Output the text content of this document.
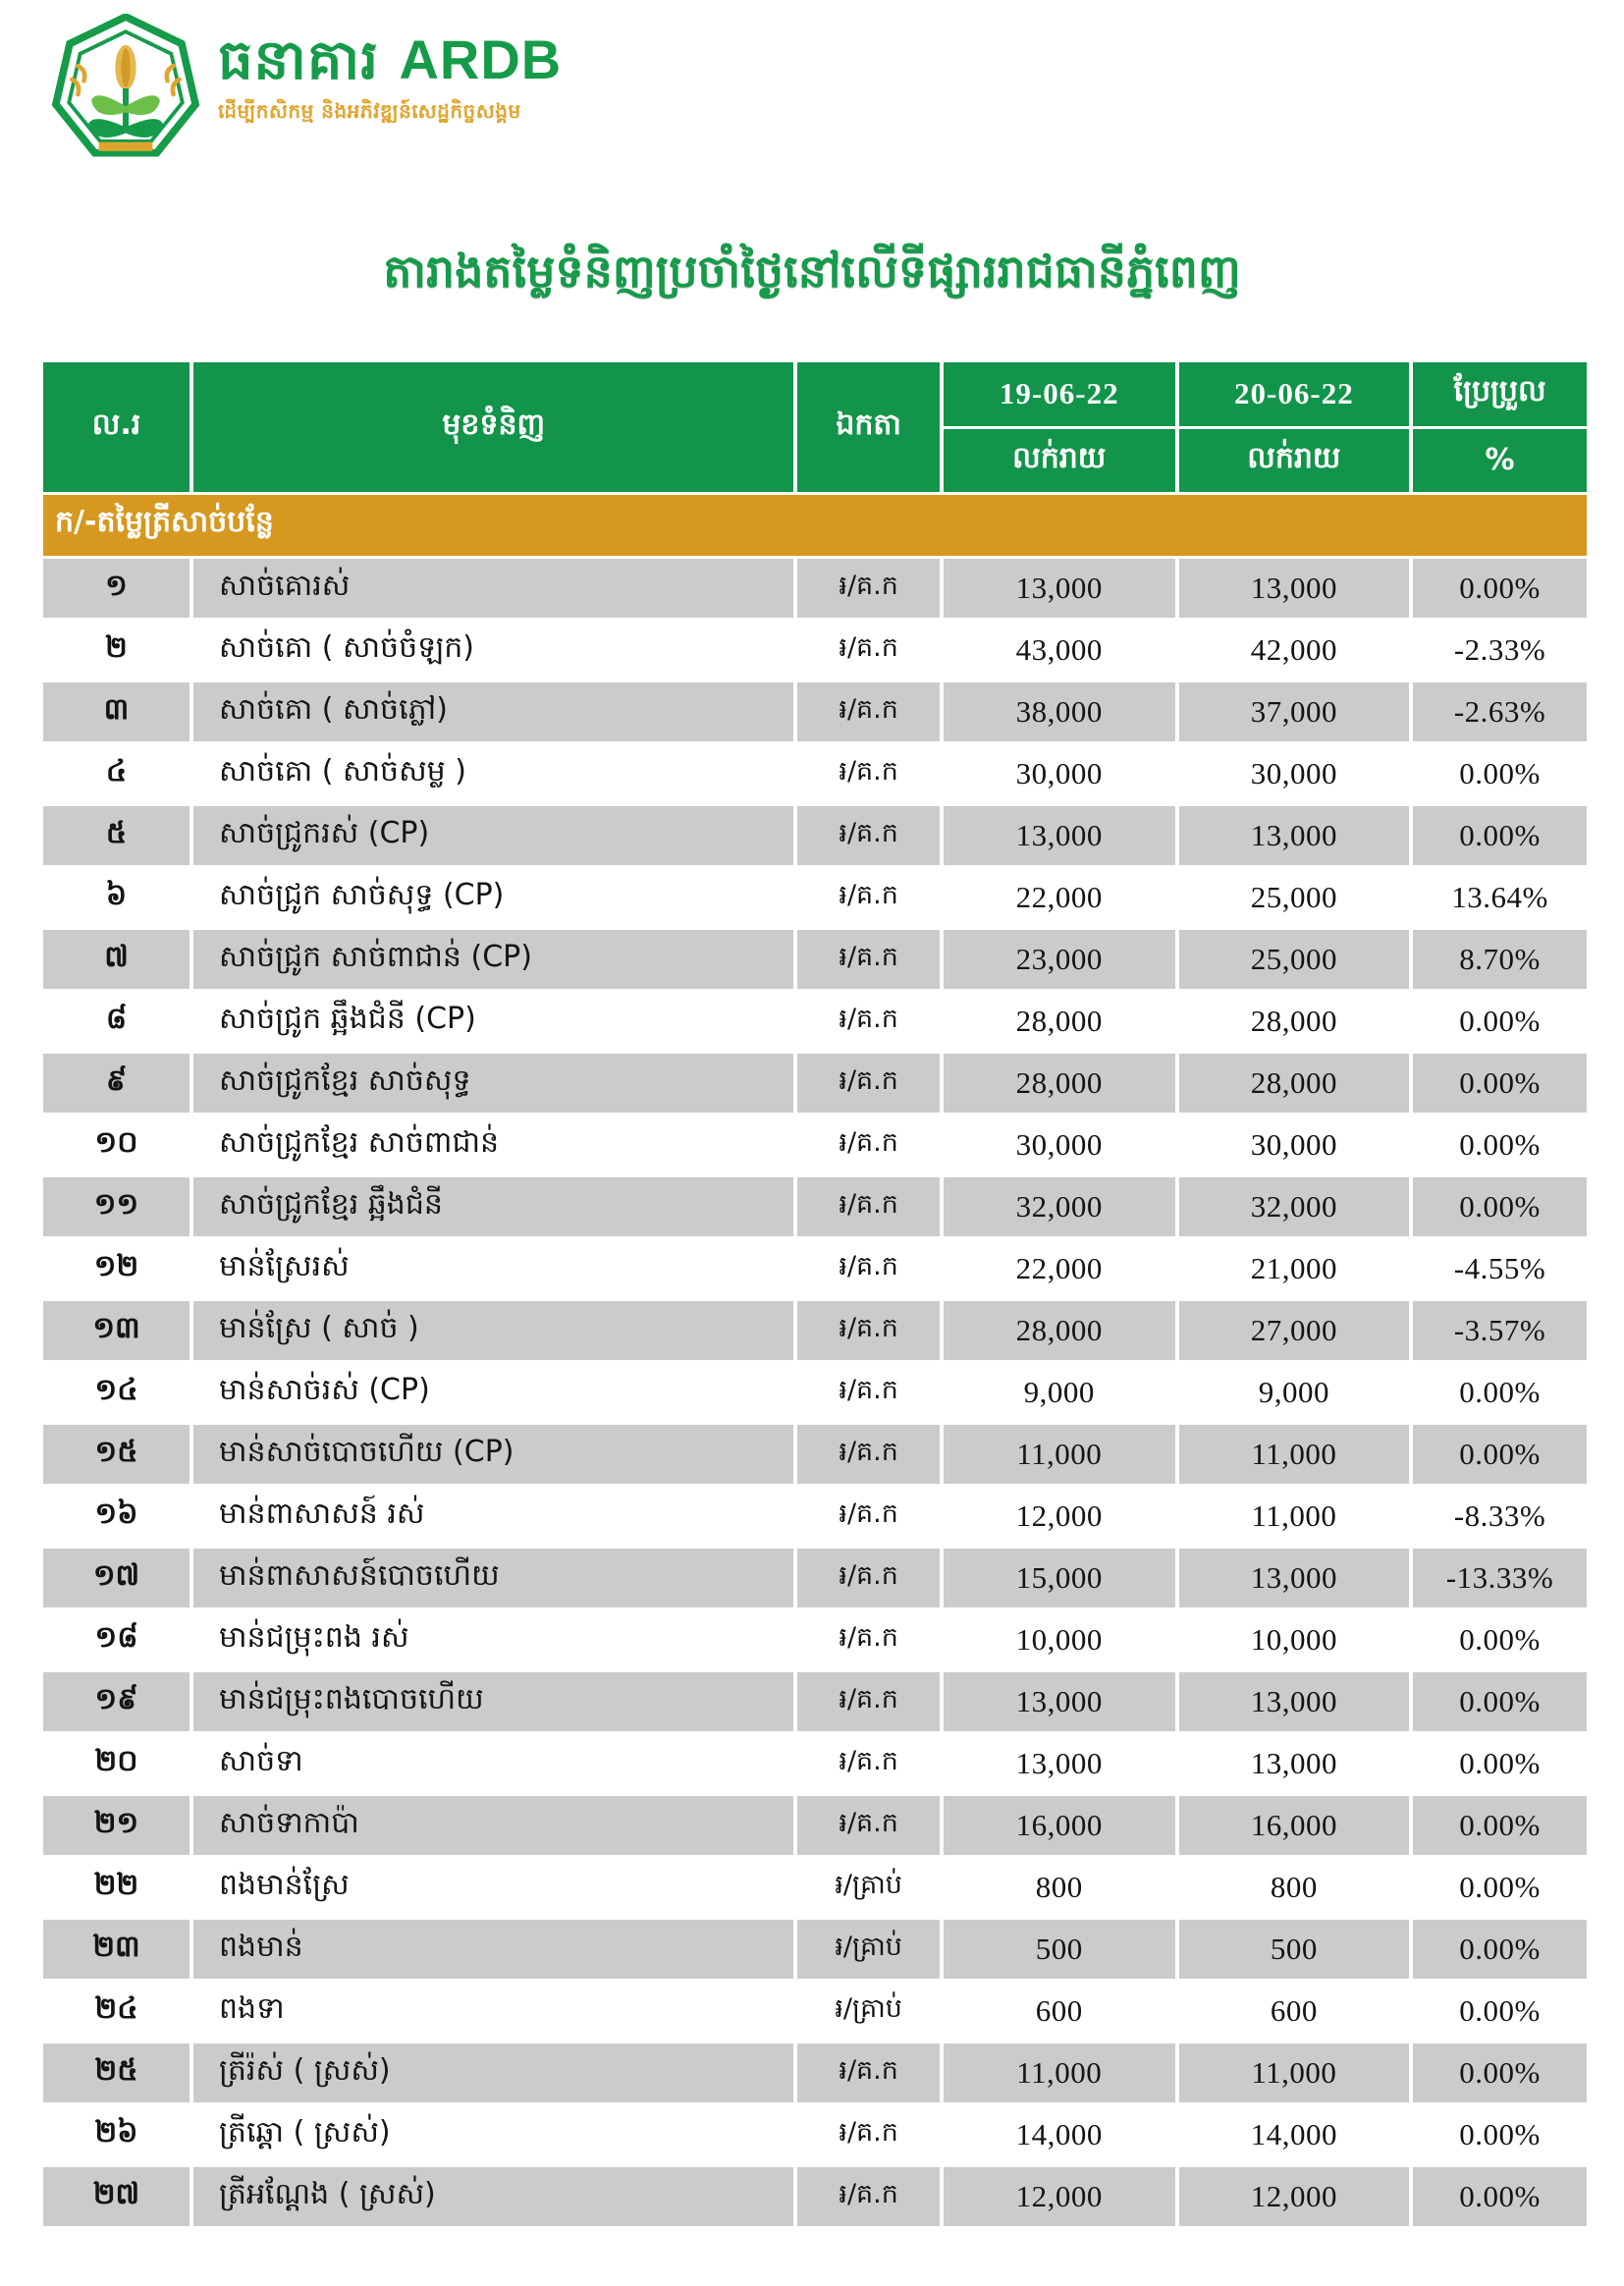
ធនាគារ ARDB
ដើម្បីកសិកម្ម និងអភិវឌ្ឍន៍សេដ្ឋកិច្ចសង្គម
តារាងតម្លៃទំនិញប្រចាំថ្ងៃនៅលើទីផ្សាររាជធានីភ្នំពេញ
ល.រ	មុខទំនិញ	ឯកតា	19-06-22	20-06-22	ប្រែប្រួល
			លក់រាយ	លក់រាយ	%
ក/-តម្លៃត្រីសាច់បន្លែ					
១	សាច់គោរស់	៛/គ.ក	13,000	13,000	0.00%
២	សាច់គោ ( សាច់ចំឡក)	៛/គ.ក	43,000	42,000	-2.33%
៣	សាច់គោ ( សាច់ភ្លៅ)	៛/គ.ក	38,000	37,000	-2.63%
៤	សាច់គោ ( សាច់សម្ល )	៛/គ.ក	30,000	30,000	0.00%
៥	សាច់ជ្រូករស់ (CP)	៛/គ.ក	13,000	13,000	0.00%
៦	សាច់ជ្រូក សាច់សុទ្ធ (CP)	៛/គ.ក	22,000	25,000	13.64%
៧	សាច់ជ្រូក សាច់ពាជាន់ (CP)	៛/គ.ក	23,000	25,000	8.70%
៨	សាច់ជ្រូក ឆ្អឹងជំនី (CP)	៛/គ.ក	28,000	28,000	0.00%
៩	សាច់ជ្រូកខ្មែរ សាច់សុទ្ធ	៛/គ.ក	28,000	28,000	0.00%
១០	សាច់ជ្រូកខ្មែរ សាច់ពាជាន់	៛/គ.ក	30,000	30,000	0.00%
១១	សាច់ជ្រូកខ្មែរ ឆ្អឹងជំនី	៛/គ.ក	32,000	32,000	0.00%
១២	មាន់ស្រែរស់	៛/គ.ក	22,000	21,000	-4.55%
១៣	មាន់ស្រែ ( សាច់ )	៛/គ.ក	28,000	27,000	-3.57%
១៤	មាន់សាច់រស់ (CP)	៛/គ.ក	9,000	9,000	0.00%
១៥	មាន់សាច់បោចហើយ (CP)	៛/គ.ក	11,000	11,000	0.00%
១៦	មាន់ពាសាសន៍ រស់	៛/គ.ក	12,000	11,000	-8.33%
១៧	មាន់ពាសាសន៍បោចហើយ	៛/គ.ក	15,000	13,000	-13.33%
១៨	មាន់ជម្រុះពង រស់	៛/គ.ក	10,000	10,000	0.00%
១៩	មាន់ជម្រុះពងបោចហើយ	៛/គ.ក	13,000	13,000	0.00%
២០	សាច់ទា	៛/គ.ក	13,000	13,000	0.00%
២១	សាច់ទាកាប៉ា	៛/គ.ក	16,000	16,000	0.00%
២២	ពងមាន់ស្រែ	៛/គ្រាប់	800	800	0.00%
២៣	ពងមាន់	៛/គ្រាប់	500	500	0.00%
២៤	ពងទា	៛/គ្រាប់	600	600	0.00%
២៥	ត្រីរ៉ស់ ( ស្រស់)	៛/គ.ក	11,000	11,000	0.00%
២៦	ត្រីឆ្ដោ ( ស្រស់)	៛/គ.ក	14,000	14,000	0.00%
២៧	ត្រីអណ្ដែង ( ស្រស់)	៛/គ.ក	12,000	12,000	0.00%
